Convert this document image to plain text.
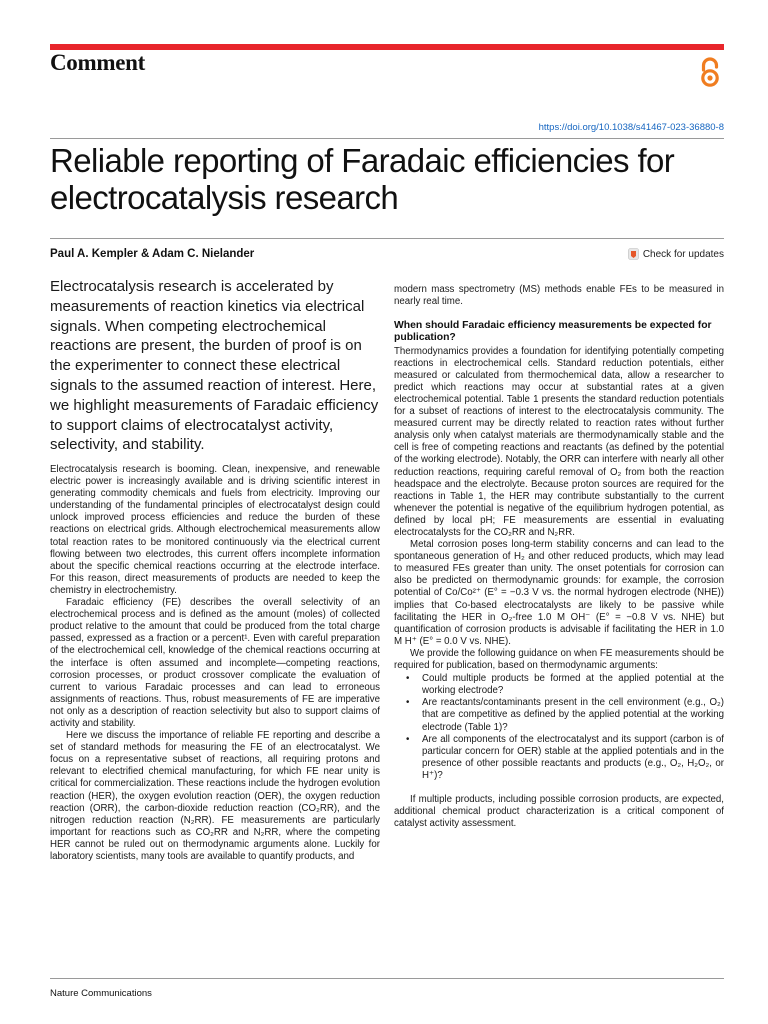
Comment
https://doi.org/10.1038/s41467-023-36880-8
Reliable reporting of Faradaic efficiencies for electrocatalysis research
Paul A. Kempler & Adam C. Nielander	Check for updates

Electrocatalysis research is accelerated by measurements of reaction kinetics via electrical signals. When competing electrochemical reactions are present, the burden of proof is on the experimenter to connect these electrical signals to the assumed reaction of interest. Here, we highlight measurements of Faradaic efficiency to support claims of electrocatalyst activity, selectivity, and stability.

Electrocatalysis research is booming. Clean, inexpensive, and renewable electric power is increasingly available and is driving scientific interest in generating commodity chemicals and fuels from electricity. Improving our understanding of the fundamental principles of electrocatalyst design could unlock improved process efficiencies and reduce the burden of these reactions on electrical grids. Although electrochemical measurements allow total reaction rates to be monitored continuously via the electrical current flowing between two electrodes, this current offers incomplete information about the specific chemical reactions occurring at the electrode interface. For this reason, direct measurements of products are needed to keep the chemistry in electrochemistry.

Faradaic efficiency (FE) describes the overall selectivity of an electrochemical process and is defined as the amount (moles) of collected product relative to the amount that could be produced from the total charge passed, expressed as a fraction or a percent¹. Even with careful preparation of the electrochemical cell, knowledge of the chemical reactions occurring at the interface is often assumed and incomplete—competing reactions, corrosion processes, or product crossover complicate the evaluation of current to various Faradaic processes and can lead to erroneous assignments of reactions. Thus, robust measurements of FE are imperative not only as a description of reaction selectivity but also to support claims of activity and stability.

Here we discuss the importance of reliable FE reporting and describe a set of standard methods for measuring the FE of an electrocatalyst. We focus on a representative subset of reactions, all requiring protons and relevant to electrified chemical manufacturing, for which FE near unity is critical for commercialization. These reactions include the hydrogen evolution reaction (HER), the oxygen evolution reaction (OER), the oxygen reduction reaction (ORR), the carbon-dioxide reduction reaction (CO₂RR), and the nitrogen reduction reaction (N₂RR). FE measurements are particularly important for reactions such as CO₂RR and N₂RR, where the competing HER cannot be ruled out on thermodynamic arguments alone. Luckily for laboratory scientists, many tools are available to quantify products, and

modern mass spectrometry (MS) methods enable FEs to be measured in nearly real time.

When should Faradaic efficiency measurements be expected for publication?

Thermodynamics provides a foundation for identifying potentially competing reactions in electrochemical cells. Standard reduction potentials, either measured or calculated from thermochemical data, allow a researcher to predict which reactions may occur at substantial rates at a given electrochemical potential. Table 1 presents the standard reduction potentials for a subset of reactions of interest to the electrocatalysis community. The measured current may be directly related to reaction rates without further analysis only when catalyst materials are thermodynamically stable and the cell is free of competing reactions and reactants (as defined by the potential of the working electrode). Notably, the ORR can interfere with nearly all other reduction reactions, requiring careful removal of O₂ from both the reaction headspace and the electrolyte. Because proton sources are required for the reactions in Table 1, the HER may contribute substantially to the current whenever the potential is negative of the equilibrium hydrogen potential, as defined by local pH; FE measurements are essential in evaluating electrocatalysts for the CO₂RR and N₂RR.

Metal corrosion poses long-term stability concerns and can lead to the spontaneous generation of H₂ and other reduced products, which may lead to measured FEs greater than unity. The onset potentials for corrosion can also be predicted on thermodynamic grounds: for example, the corrosion potential of Co/Co²⁺ (E° = −0.3 V vs. the normal hydrogen electrode (NHE)) implies that Co-based electrocatalysts are likely to be passive while facilitating the HER in O₂-free 1.0 M OH⁻ (E° = −0.8 V vs. NHE) but quantification of corrosion products is advisable if facilitating the HER in 1.0 M H⁺ (E° = 0.0 V vs. NHE).

We provide the following guidance on when FE measurements should be required for publication, based on thermodynamic arguments:

• Could multiple products be formed at the applied potential at the working electrode?
• Are reactants/contaminants present in the cell environment (e.g., O₂) that are competitive as defined by the applied potential at the working electrode (Table 1)?
• Are all components of the electrocatalyst and its support (carbon is of particular concern for OER) stable at the applied potentials and in the presence of other possible reactants and products (e.g., O₂, H₂O₂, or H⁺)?

If multiple products, including possible corrosion products, are expected, additional chemical product characterization is a critical component of catalyst activity assessment.

Nature Communications
